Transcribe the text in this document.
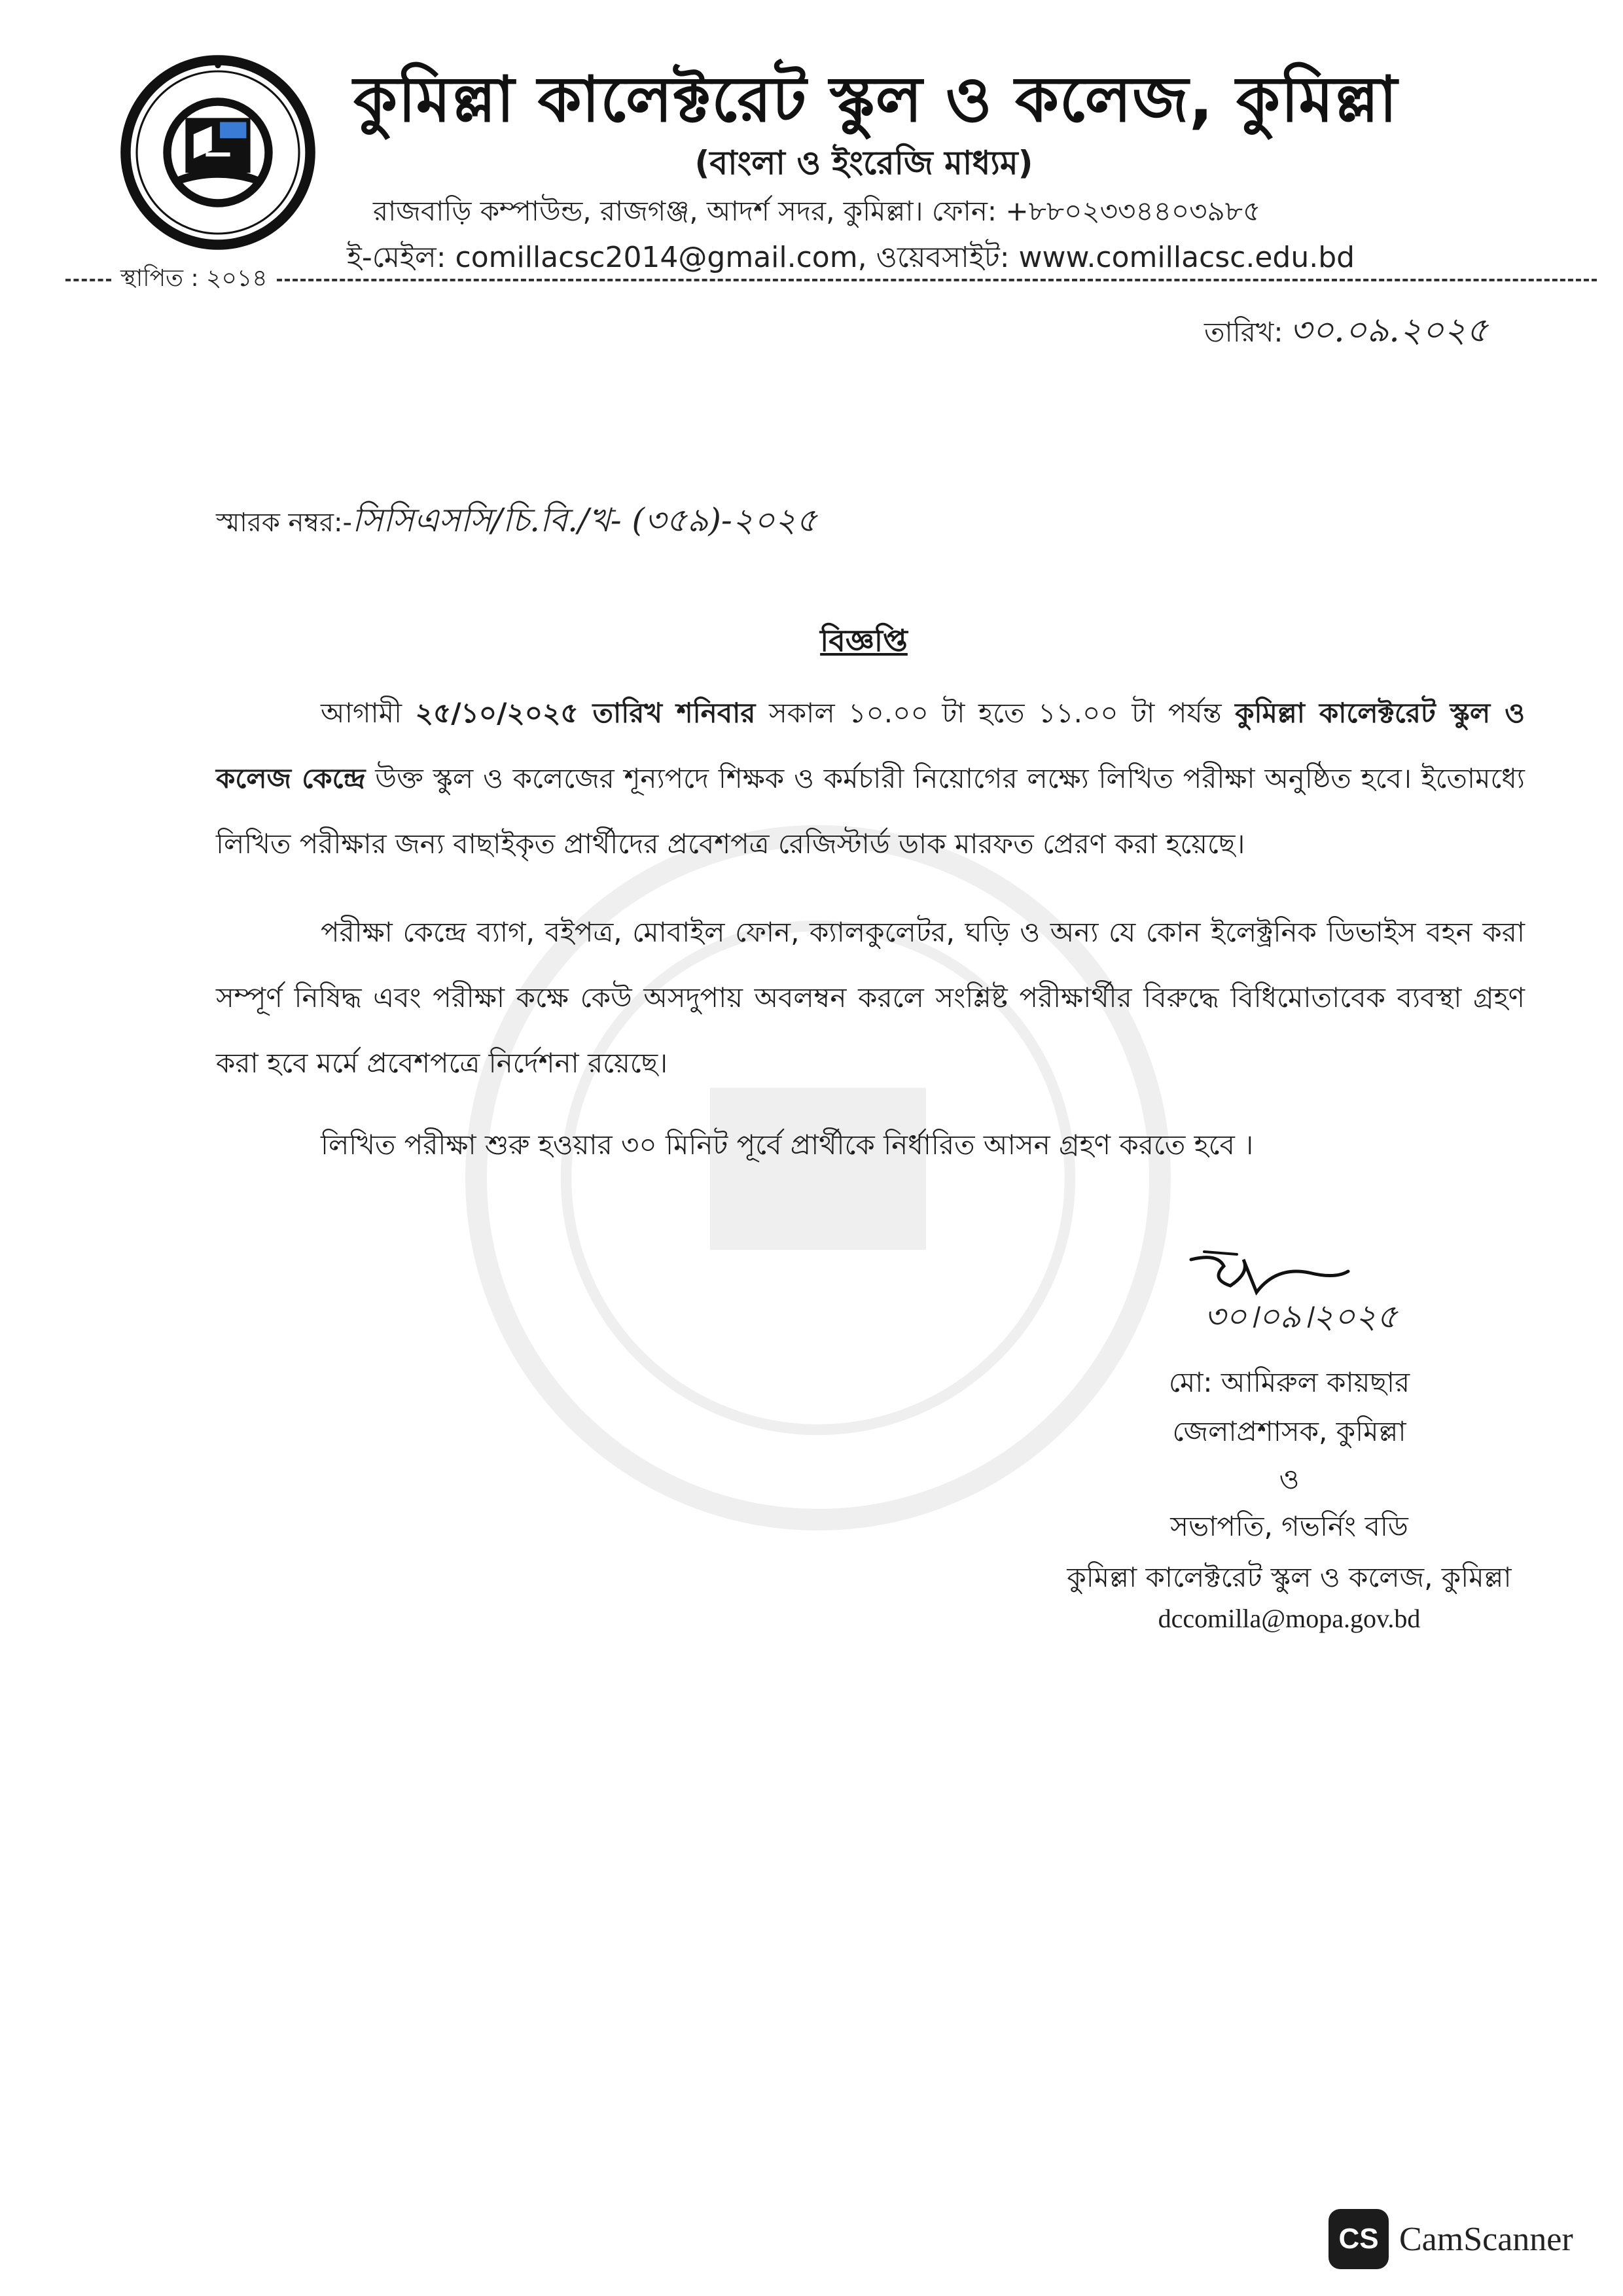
কুমিল্লা কালেক্টরেট স্কুল ও কলেজ, কুমিল্লা
(বাংলা ও ইংরেজি মাধ্যম)
রাজবাড়ি কম্পাউন্ড, রাজগঞ্জ, আদর্শ সদর, কুমিল্লা। ফোন: +৮৮০২৩৩৪৪০৩৯৮৫
ই-মেইল: comillacsc2014@gmail.com, ওয়েবসাইট: www.comillacsc.edu.bd
স্থাপিত : ২০১৪
তারিখ: ৩০.০৯.২০২৫
স্মারক নম্বর:-সিসিএসসি/চি.বি./খ- (৩৫৯)-২০২৫
বিজ্ঞপ্তি

আগামী ২৫/১০/২০২৫ তারিখ শনিবার সকাল ১০.০০ টা হতে ১১.০০ টা পর্যন্ত কুমিল্লা কালেক্টরেট স্কুল ও কলেজ কেন্দ্রে উক্ত স্কুল ও কলেজের শূন্যপদে শিক্ষক ও কর্মচারী নিয়োগের লক্ষ্যে লিখিত পরীক্ষা অনুষ্ঠিত হবে। ইতোমধ্যে লিখিত পরীক্ষার জন্য বাছাইকৃত প্রার্থীদের প্রবেশপত্র রেজিস্টার্ড ডাক মারফত প্রেরণ করা হয়েছে।

পরীক্ষা কেন্দ্রে ব্যাগ, বইপত্র, মোবাইল ফোন, ক্যালকুলেটর, ঘড়ি ও অন্য যে কোন ইলেক্ট্রনিক ডিভাইস বহন করা সম্পূর্ণ নিষিদ্ধ এবং পরীক্ষা কক্ষে কেউ অসদুপায় অবলম্বন করলে সংশ্লিষ্ট পরীক্ষার্থীর বিরুদ্ধে বিধিমোতাবেক ব্যবস্থা গ্রহণ করা হবে মর্মে প্রবেশপত্রে নির্দেশনা রয়েছে।

লিখিত পরীক্ষা শুরু হওয়ার ৩০ মিনিট পূর্বে প্রার্থীকে নির্ধারিত আসন গ্রহণ করতে হবে ।

৩০।০৯।২০২৫
মো: আমিরুল কায়ছার
জেলাপ্রশাসক, কুমিল্লা
ও
সভাপতি, গভর্নিং বডি
কুমিল্লা কালেক্টরেট স্কুল ও কলেজ, কুমিল্লা
dccomilla@mopa.gov.bd
CS CamScanner
